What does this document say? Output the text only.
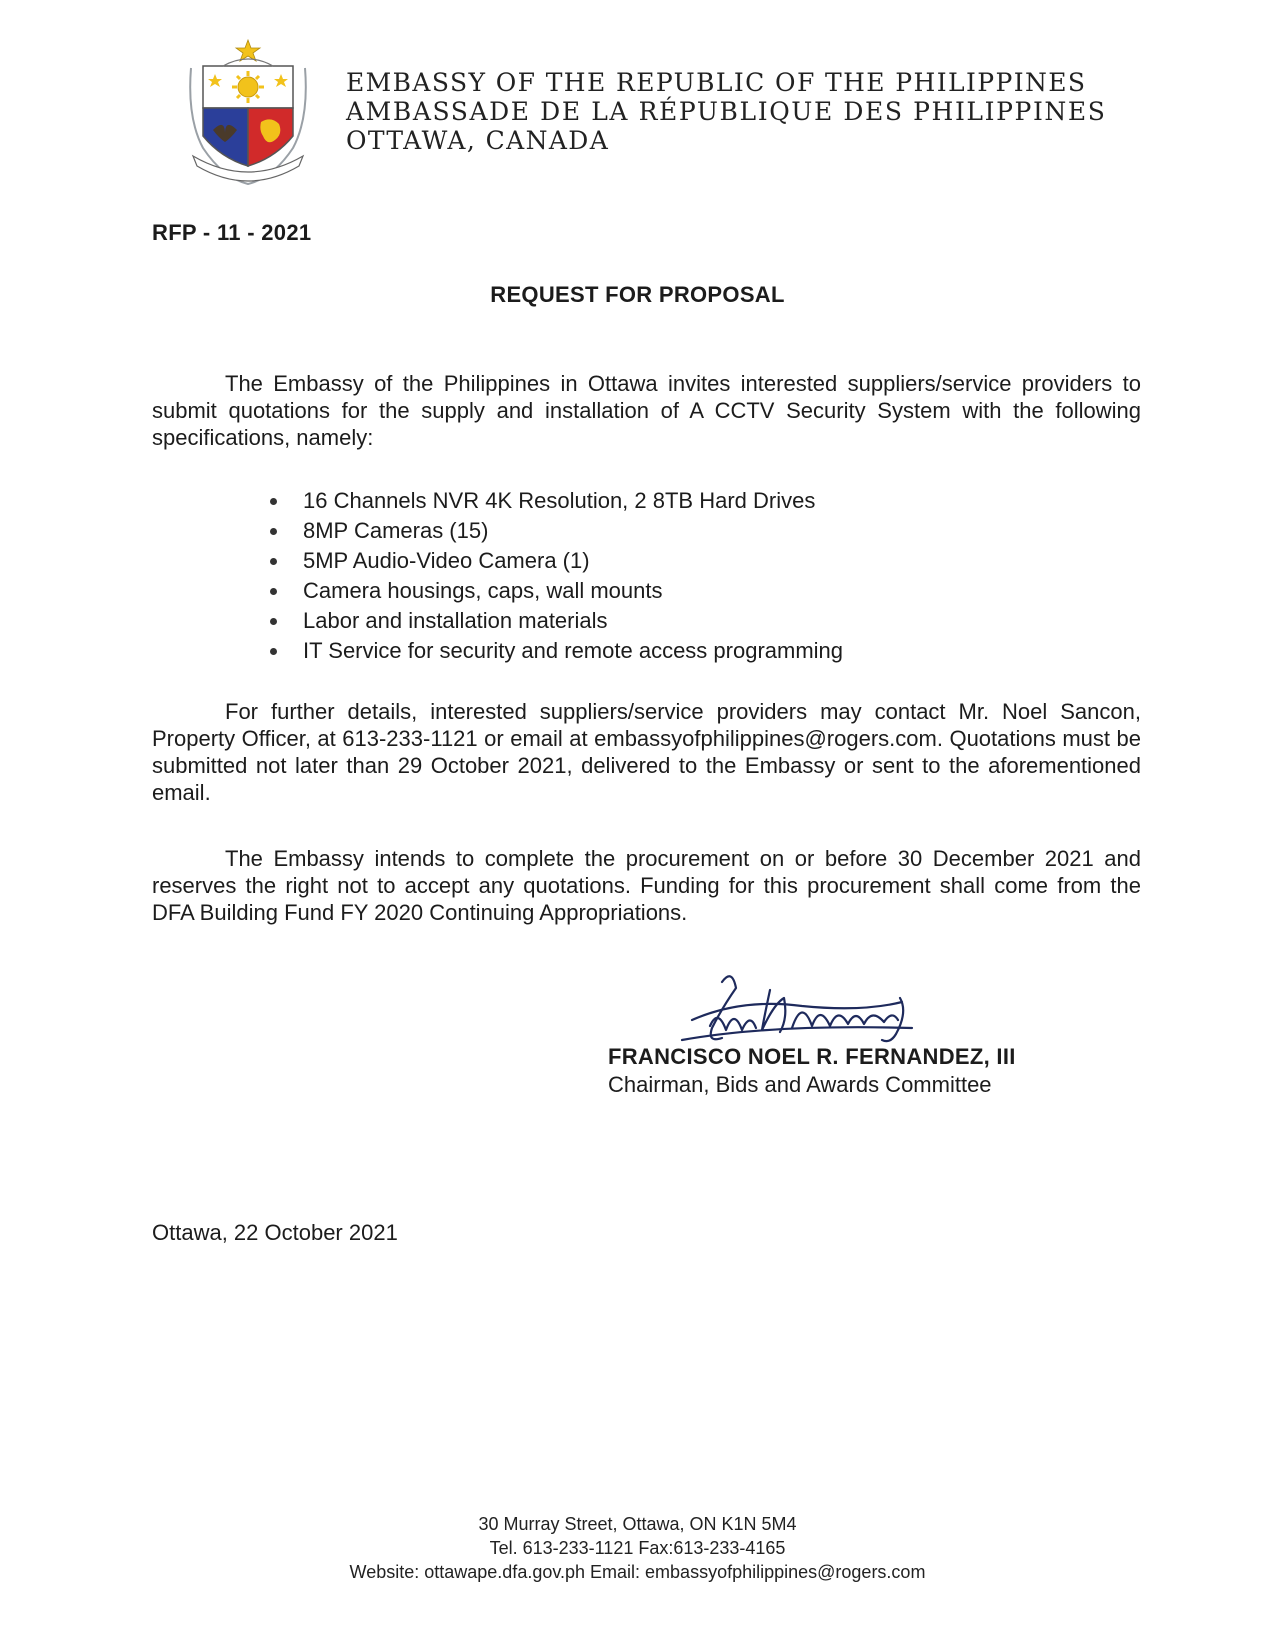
EMBASSY OF THE REPUBLIC OF THE PHILIPPINES
AMBASSADE DE LA RÉPUBLIQUE DES PHILIPPINES
OTTAWA, CANADA
RFP - 11 - 2021
REQUEST FOR PROPOSAL
The Embassy of the Philippines in Ottawa invites interested suppliers/service providers to submit quotations for the supply and installation of A CCTV Security System with the following specifications, namely:
16 Channels NVR 4K Resolution, 2 8TB Hard Drives
8MP Cameras (15)
5MP Audio-Video Camera (1)
Camera housings, caps, wall mounts
Labor and installation materials
IT Service for security and remote access programming
For further details, interested suppliers/service providers may contact Mr. Noel Sancon, Property Officer, at 613-233-1121 or email at embassyofphilippines@rogers.com. Quotations must be submitted not later than 29 October 2021, delivered to the Embassy or sent to the aforementioned email.
The Embassy intends to complete the procurement on or before 30 December 2021 and reserves the right not to accept any quotations. Funding for this procurement shall come from the DFA Building Fund FY 2020 Continuing Appropriations.
FRANCISCO NOEL R. FERNANDEZ, III
Chairman, Bids and Awards Committee
Ottawa, 22 October 2021
30 Murray Street, Ottawa, ON K1N 5M4
Tel. 613-233-1121 Fax:613-233-4165
Website: ottawape.dfa.gov.ph Email: embassyofphilippines@rogers.com
